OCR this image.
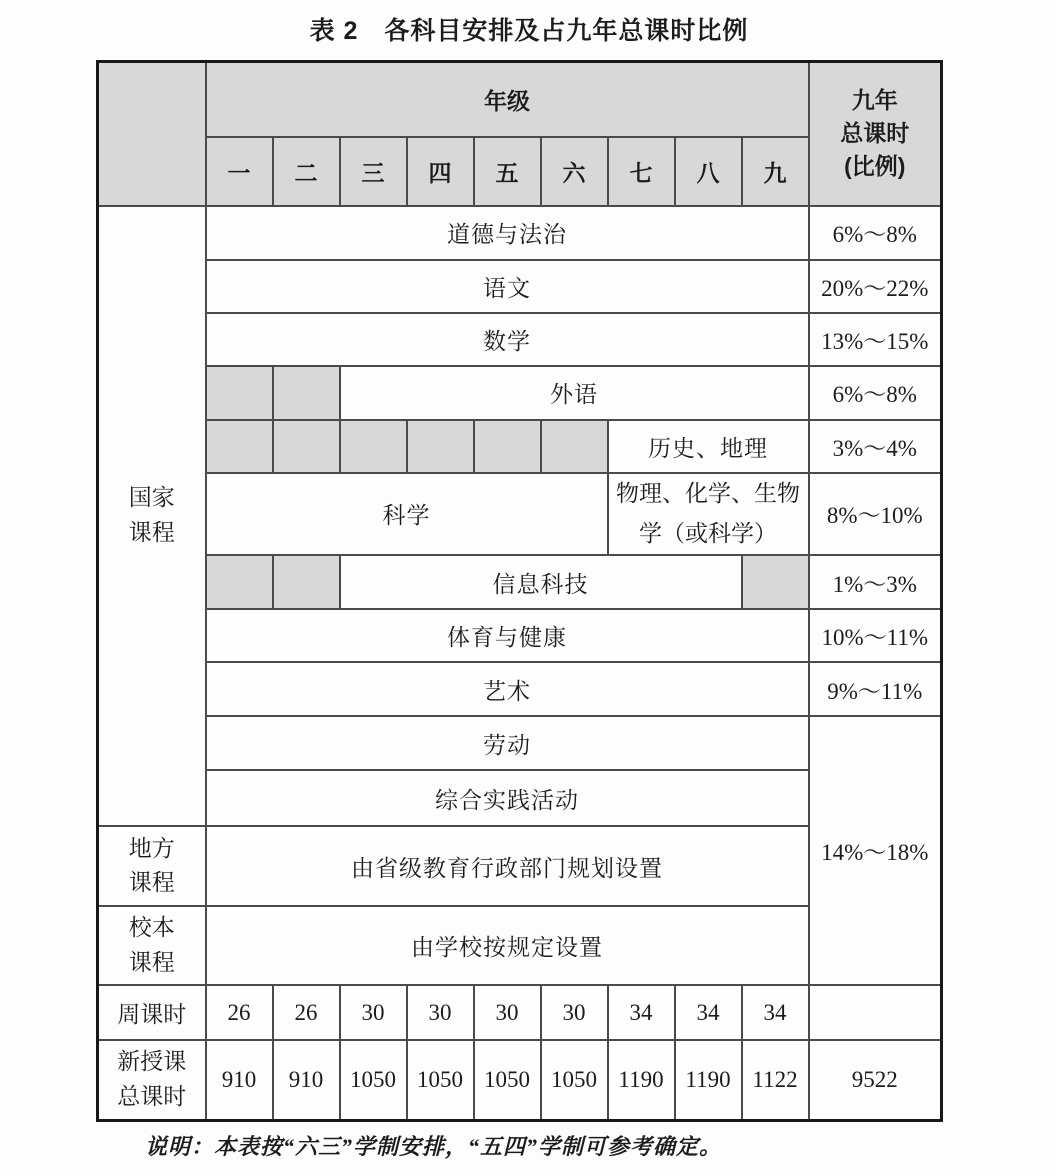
表 2　各科目安排及占九年总课时比例
	年级									九年
总课时
(比例)

	一	二	三	四	五	六	七	八	九	

国家
课程	道德与法治									6%～8%
	语文									20%～22%
	数学									13%～15%
			外语							6%～8%
							历史、地理			3%～4%
	科学						物理、化学、生物学（或科学）			8%～10%
			信息科技							1%～3%
	体育与健康									10%～11%
	艺术									9%～11%
	劳动									14%～18%
	综合实践活动									

地方
课程	由省级教育行政部门规划设置									

校本
课程	由学校按规定设置									
周课时	26	26	30	30	30	30	34	34	34	

新授课
总课时	910	910	1050	1050	1050	1050	1190	1190	1122	9522
说明：本表按“六三”学制安排，“五四”学制可参考确定。
